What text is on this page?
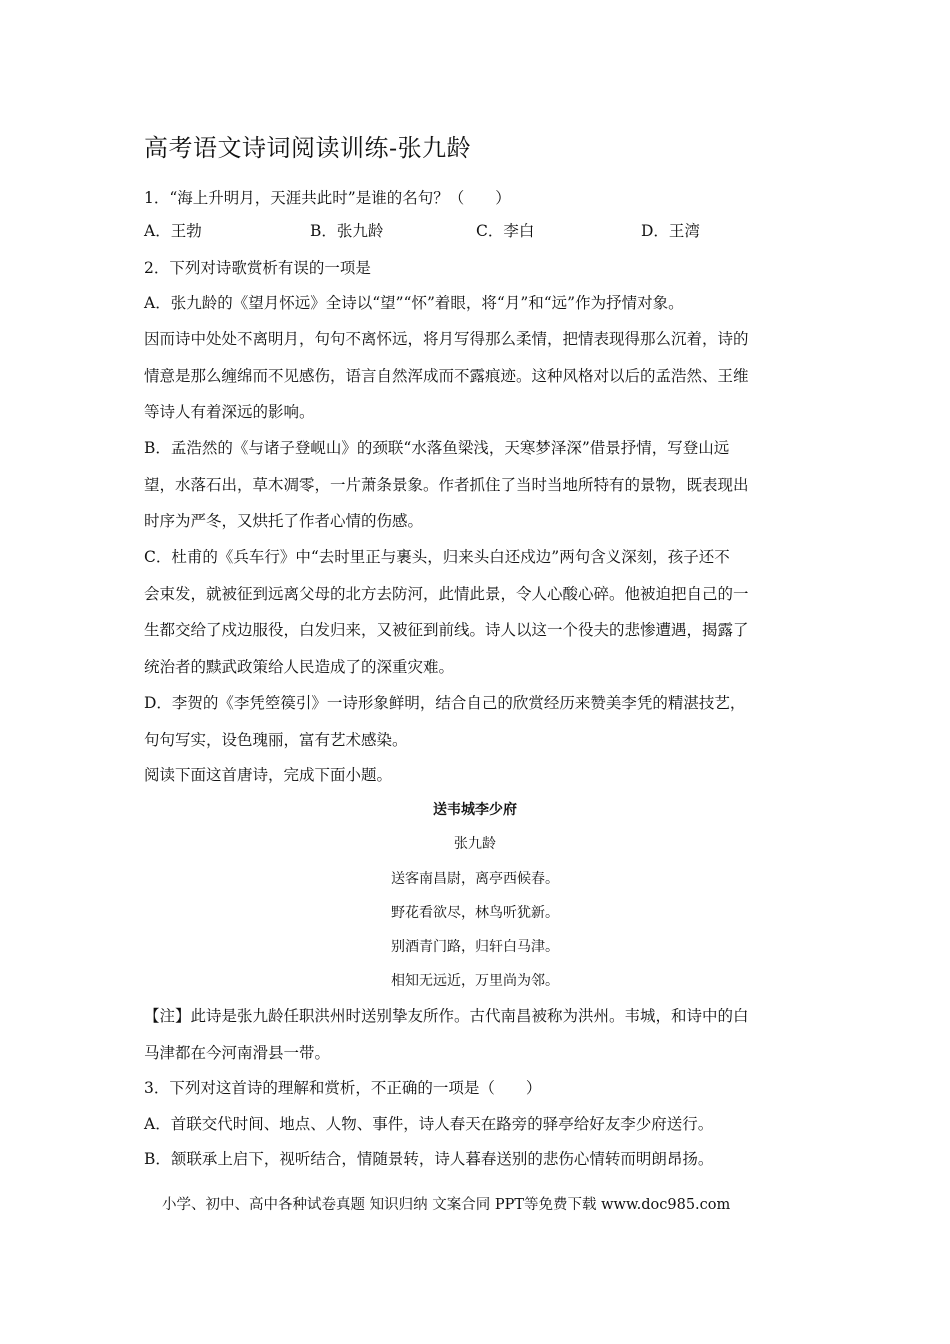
高考语文诗词阅读训练-张九龄
1．“海上升明月，天涯共此时”是谁的名句？（　　）
A．王勃	B．张九龄	C．李白	D．王湾
2．下列对诗歌赏析有误的一项是
A．张九龄的《望月怀远》全诗以“望”“怀”着眼，将“月”和“远”作为抒情对象。
因而诗中处处不离明月，句句不离怀远，将月写得那么柔情，把情表现得那么沉着，诗的
情意是那么缠绵而不见感伤，语言自然浑成而不露痕迹。这种风格对以后的孟浩然、王维
等诗人有着深远的影响。
B．孟浩然的《与诸子登岘山》的颈联“水落鱼梁浅，天寒梦泽深”借景抒情，写登山远
望，水落石出，草木凋零，一片萧条景象。作者抓住了当时当地所特有的景物，既表现出
时序为严冬，又烘托了作者心情的伤感。
C．杜甫的《兵车行》中“去时里正与裹头，归来头白还戍边”两句含义深刻，孩子还不
会束发，就被征到远离父母的北方去防河，此情此景，令人心酸心碎。他被迫把自己的一
生都交给了戍边服役，白发归来，又被征到前线。诗人以这一个役夫的悲惨遭遇，揭露了
统治者的黩武政策给人民造成了的深重灾难。
D．李贺的《李凭箜篌引》一诗形象鲜明，结合自己的欣赏经历来赞美李凭的精湛技艺，
句句写实，设色瑰丽，富有艺术感染。
阅读下面这首唐诗，完成下面小题。
送韦城李少府
张九龄
送客南昌尉，离亭西候春。
野花看欲尽，林鸟听犹新。
别酒青门路，归轩白马津。
相知无远近，万里尚为邻。
【注】此诗是张九龄任职洪州时送别挚友所作。古代南昌被称为洪州。韦城，和诗中的白
马津都在今河南滑县一带。
3．下列对这首诗的理解和赏析，不正确的一项是（　　）
A．首联交代时间、地点、人物、事件，诗人春天在路旁的驿亭给好友李少府送行。
B．颔联承上启下，视听结合，情随景转，诗人暮春送别的悲伤心情转而明朗昂扬。
小学、初中、高中各种试卷真题 知识归纳 文案合同 PPT等免费下载 www.doc985.com
